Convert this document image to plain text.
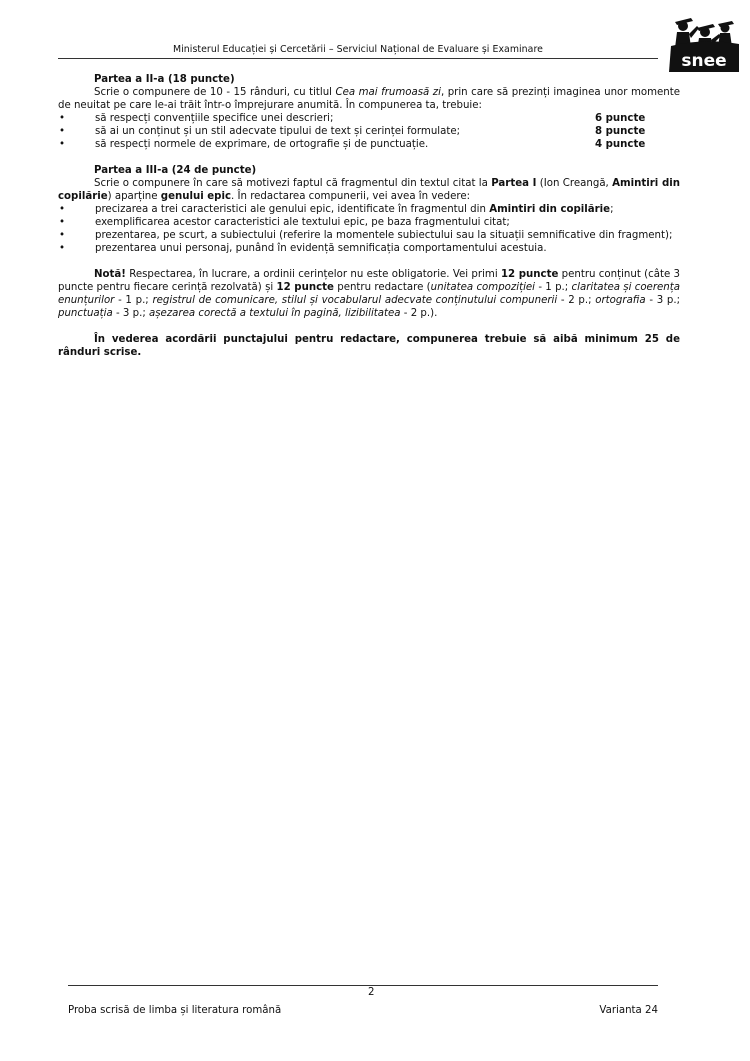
Ministerul Educației și Cercetării – Serviciul Național de Evaluare și Examinare
snee
Partea a II-a (18 puncte)

Scrie o compunere de 10 - 15 rânduri, cu titlul Cea mai frumoasă zi, prin care să prezinți imaginea unor momente de neuitat pe care le-ai trăit într-o împrejurare anumită. În compunerea ta, trebuie:

•	să respecți convențiile specifice unei descrieri;	6 puncte
•	să ai un conținut și un stil adecvate tipului de text și cerinței formulate;	8 puncte
•	să respecți normele de exprimare, de ortografie și de punctuație.	4 puncte
Partea a III-a (24 de puncte)

Scrie o compunere în care să motivezi faptul că fragmentul din textul citat la Partea I (Ion Creangă, Amintiri din copilărie) aparține genului epic. În redactarea compunerii, vei avea în vedere:

•	precizarea a trei caracteristici ale genului epic, identificate în fragmentul din Amintiri din copilărie;
•	exemplificarea acestor caracteristici ale textului epic, pe baza fragmentului citat;
•	prezentarea, pe scurt, a subiectului (referire la momentele subiectului sau la situații semnificative din fragment);
•	prezentarea unui personaj, punând în evidență semnificația comportamentului acestuia.

Notă! Respectarea, în lucrare, a ordinii cerințelor nu este obligatorie. Vei primi 12 puncte pentru conținut (câte 3 puncte pentru fiecare cerință rezolvată) și 12 puncte pentru redactare (unitatea compoziției - 1 p.; claritatea și coerența enunțurilor - 1 p.; registrul de comunicare, stilul și vocabularul adecvate conținutului compunerii - 2 p.; ortografia - 3 p.; punctuația - 3 p.; așezarea corectă a textului în pagină, lizibilitatea - 2 p.).

În vederea acordării punctajului pentru redactare, compunerea trebuie să aibă minimum 25 de rânduri scrise.

2
Proba scrisă de limba și literatura română	Varianta 24
